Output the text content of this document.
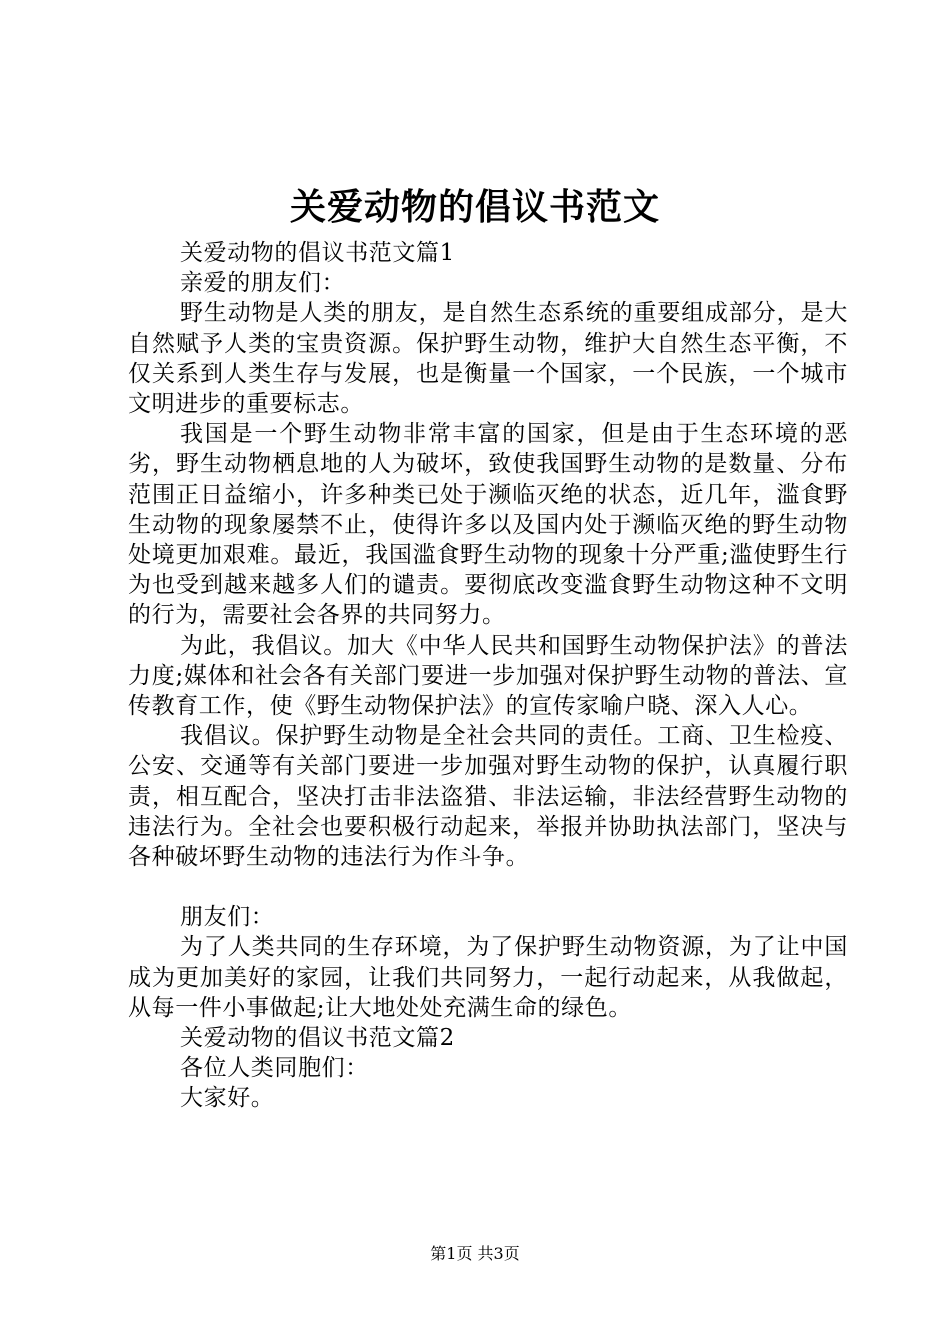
关爱动物的倡议书范文

关爱动物的倡议书范文篇1

亲爱的朋友们：

野生动物是人类的朋友，是自然生态系统的重要组成部分，是大自然赋予人类的宝贵资源。保护野生动物，维护大自然生态平衡，不仅关系到人类生存与发展，也是衡量一个国家，一个民族，一个城市文明进步的重要标志。

我国是一个野生动物非常丰富的国家，但是由于生态环境的恶劣，野生动物栖息地的人为破坏，致使我国野生动物的是数量、分布范围正日益缩小，许多种类已处于濒临灭绝的状态，近几年，滥食野生动物的现象屡禁不止，使得许多以及国内处于濒临灭绝的野生动物处境更加艰难。最近，我国滥食野生动物的现象十分严重;滥使野生行为也受到越来越多人们的谴责。要彻底改变滥食野生动物这种不文明的行为，需要社会各界的共同努力。

为此，我倡议。加大《中华人民共和国野生动物保护法》的普法力度;媒体和社会各有关部门要进一步加强对保护野生动物的普法、宣传教育工作，使《野生动物保护法》的宣传家喻户晓、深入人心。

我倡议。保护野生动物是全社会共同的责任。工商、卫生检疫、公安、交通等有关部门要进一步加强对野生动物的保护，认真履行职责，相互配合，坚决打击非法盗猎、非法运输，非法经营野生动物的违法行为。全社会也要积极行动起来，举报并协助执法部门，坚决与各种破坏野生动物的违法行为作斗争。

朋友们：

为了人类共同的生存环境，为了保护野生动物资源，为了让中国成为更加美好的家园，让我们共同努力，一起行动起来，从我做起，从每一件小事做起;让大地处处充满生命的绿色。

关爱动物的倡议书范文篇2

各位人类同胞们：

大家好。

第1页 共3页
